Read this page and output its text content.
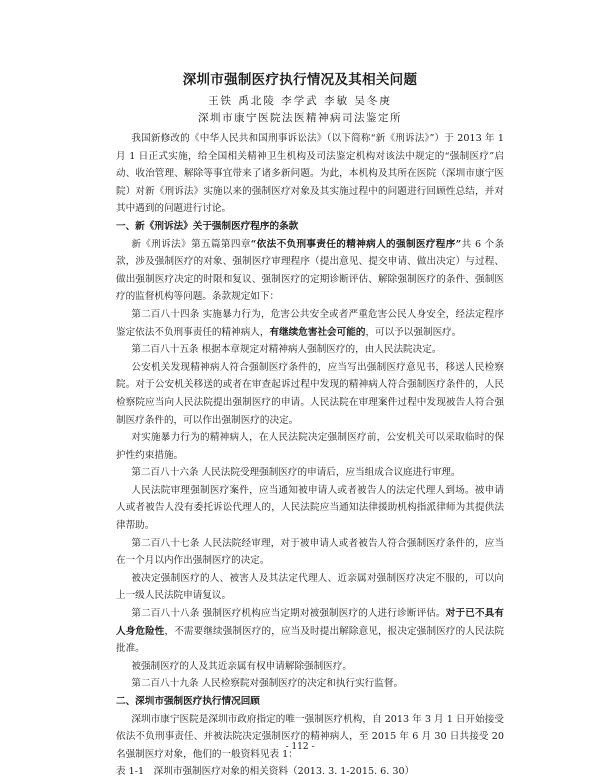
深圳市强制医疗执行情况及其相关问题
王铁 禹北陵 李学武 李敏 吴冬庚
深圳市康宁医院法医精神病司法鉴定所

我国新修改的《中华人民共和国刑事诉讼法》（以下简称“新《刑诉法》”）于 2013 年 1 月 1 日正式实施，给全国相关精神卫生机构及司法鉴定机构对该法中规定的“强制医疗”启动、收治管理、解除等事宜带来了诸多新问题。为此，本机构及其所在医院（深圳市康宁医院）对新《刑诉法》实施以来的强制医疗对象及其实施过程中的问题进行回顾性总结，并对其中遇到的问题进行讨论。

一、新《刑诉法》关于强制医疗程序的条款

新《刑诉法》第五篇第四章“依法不负刑事责任的精神病人的强制医疗程序”共 6 个条款，涉及强制医疗的对象、强制医疗审理程序（提出意见、提交申请、做出决定）与过程、做出强制医疗决定的时限和复议、强制医疗的定期诊断评估、解除强制医疗的条件、强制医疗的监督机构等问题。条款规定如下：

第二百八十四条 实施暴力行为，危害公共安全或者严重危害公民人身安全，经法定程序鉴定依法不负刑事责任的精神病人，有继续危害社会可能的，可以予以强制医疗。

第二百八十五条 根据本章规定对精神病人强制医疗的，由人民法院决定。

公安机关发现精神病人符合强制医疗条件的，应当写出强制医疗意见书，移送人民检察院。对于公安机关移送的或者在审查起诉过程中发现的精神病人符合强制医疗条件的，人民检察院应当向人民法院提出强制医疗的申请。人民法院在审理案件过程中发现被告人符合强制医疗条件的，可以作出强制医疗的决定。

对实施暴力行为的精神病人，在人民法院决定强制医疗前，公安机关可以采取临时的保护性约束措施。

第二百八十六条 人民法院受理强制医疗的申请后，应当组成合议庭进行审理。

人民法院审理强制医疗案件，应当通知被申请人或者被告人的法定代理人到场。被申请人或者被告人没有委托诉讼代理人的，人民法院应当通知法律援助机构指派律师为其提供法律帮助。

第二百八十七条 人民法院经审理，对于被申请人或者被告人符合强制医疗条件的，应当在一个月以内作出强制医疗的决定。

被决定强制医疗的人、被害人及其法定代理人、近亲属对强制医疗决定不服的，可以向上一级人民法院申请复议。

第二百八十八条 强制医疗机构应当定期对被强制医疗的人进行诊断评估。对于已不具有人身危险性，不需要继续强制医疗的，应当及时提出解除意见，报决定强制医疗的人民法院批准。

被强制医疗的人及其近亲属有权申请解除强制医疗。

第二百八十九条 人民检察院对强制医疗的决定和执行实行监督。

二、深圳市强制医疗执行情况回顾

深圳市康宁医院是深圳市政府指定的唯一强制医疗机构，自 2013 年 3 月 1 日开始接受依法不负刑事责任、并被法院决定强制医疗的精神病人，至 2015 年 6 月 30 日共接受 20 名强制医疗对象，他们的一般资料见表 1：

表 1-1　深圳市强制医疗对象的相关资料（2013. 3. 1-2015. 6. 30）

- 112 -
